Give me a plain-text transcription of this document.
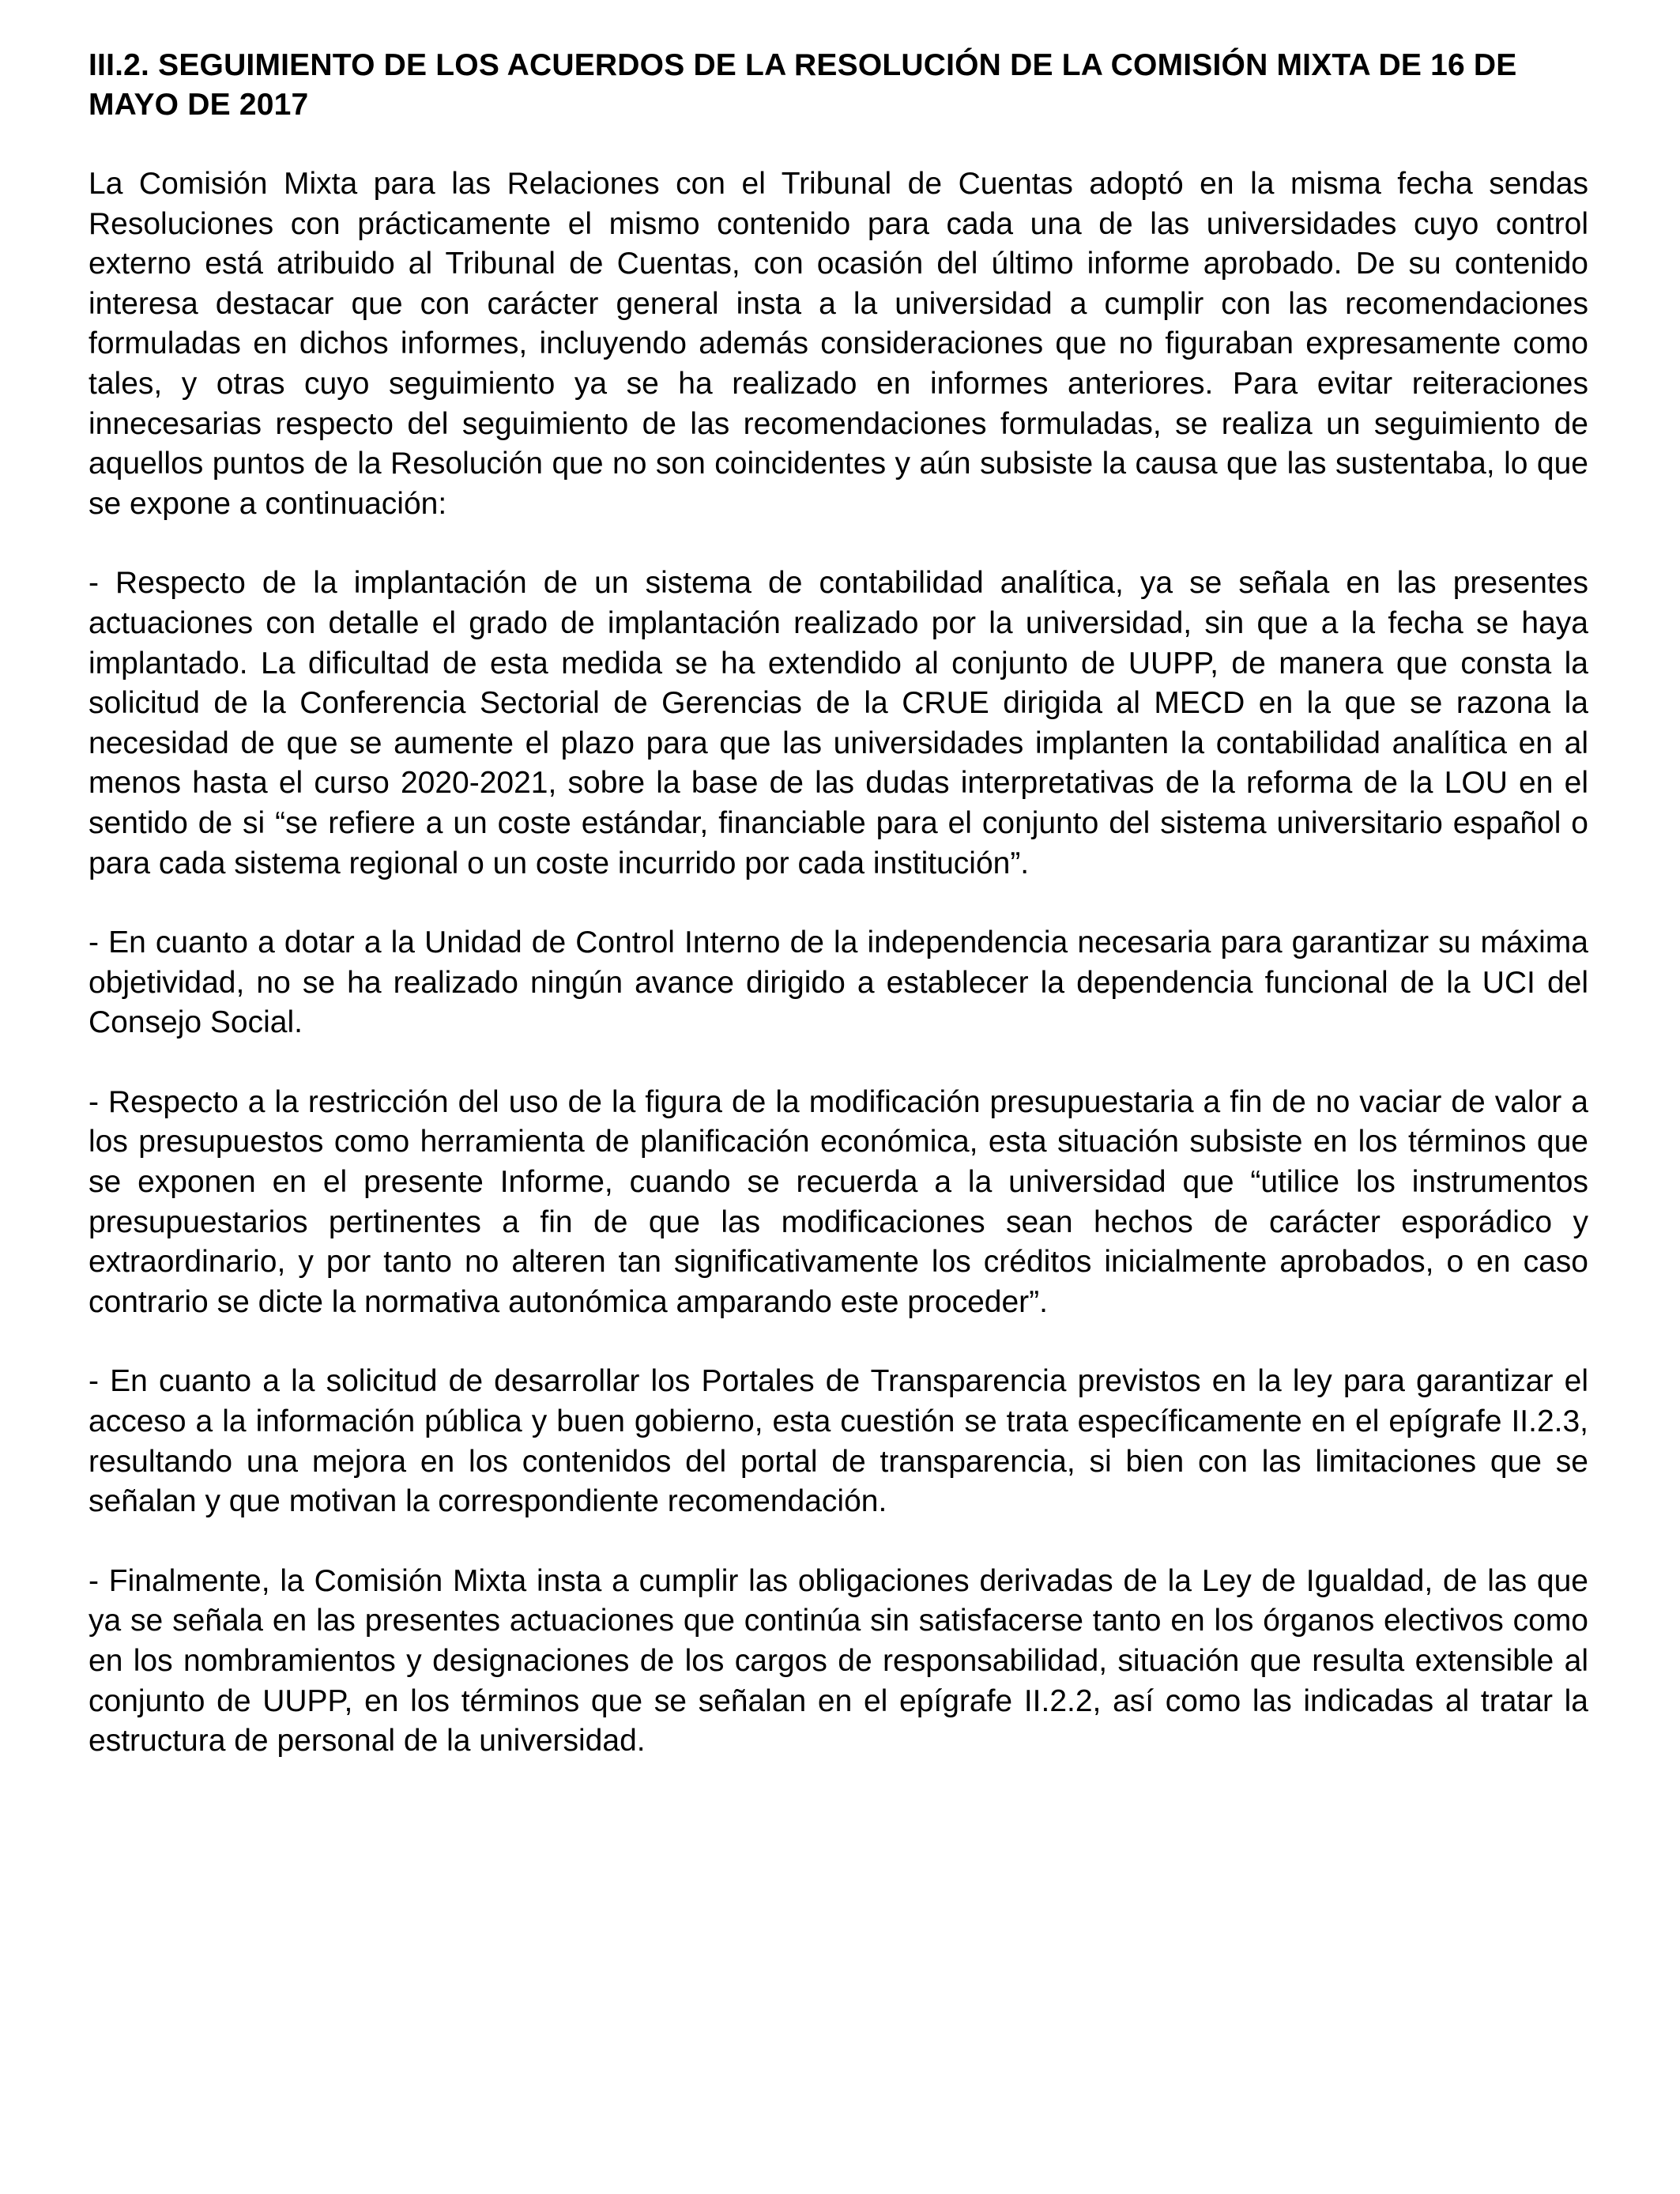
III.2. SEGUIMIENTO DE LOS ACUERDOS DE LA RESOLUCIÓN DE LA COMISIÓN MIXTA DE 16 DE MAYO DE 2017

La Comisión Mixta para las Relaciones con el Tribunal de Cuentas adoptó en la misma fecha sendas Resoluciones con prácticamente el mismo contenido para cada una de las universidades cuyo control externo está atribuido al Tribunal de Cuentas, con ocasión del último informe aprobado. De su contenido interesa destacar que con carácter general insta a la universidad a cumplir con las recomendaciones formuladas en dichos informes, incluyendo además consideraciones que no figuraban expresamente como tales, y otras cuyo seguimiento ya se ha realizado en informes anteriores. Para evitar reiteraciones innecesarias respecto del seguimiento de las recomendaciones formuladas, se realiza un seguimiento de aquellos puntos de la Resolución que no son coincidentes y aún subsiste la causa que las sustentaba, lo que se expone a continuación:

- Respecto de la implantación de un sistema de contabilidad analítica, ya se señala en las presentes actuaciones con detalle el grado de implantación realizado por la universidad, sin que a la fecha se haya implantado. La dificultad de esta medida se ha extendido al conjunto de UUPP, de manera que consta la solicitud de la Conferencia Sectorial de Gerencias de la CRUE dirigida al MECD en la que se razona la necesidad de que se aumente el plazo para que las universidades implanten la contabilidad analítica en al menos hasta el curso 2020-2021, sobre la base de las dudas interpretativas de la reforma de la LOU en el sentido de si “se refiere a un coste estándar, financiable para el conjunto del sistema universitario español o para cada sistema regional o un coste incurrido por cada institución”.

- En cuanto a dotar a la Unidad de Control Interno de la independencia necesaria para garantizar su máxima objetividad, no se ha realizado ningún avance dirigido a establecer la dependencia funcional de la UCI del Consejo Social.

- Respecto a la restricción del uso de la figura de la modificación presupuestaria a fin de no vaciar de valor a los presupuestos como herramienta de planificación económica, esta situación subsiste en los términos que se exponen en el presente Informe, cuando se recuerda a la universidad que “utilice los instrumentos presupuestarios pertinentes a fin de que las modificaciones sean hechos de carácter esporádico y extraordinario, y por tanto no alteren tan significativamente los créditos inicialmente aprobados, o en caso contrario se dicte la normativa autonómica amparando este proceder”.

- En cuanto a la solicitud de desarrollar los Portales de Transparencia previstos en la ley para garantizar el acceso a la información pública y buen gobierno, esta cuestión se trata específicamente en el epígrafe II.2.3, resultando una mejora en los contenidos del portal de transparencia, si bien con las limitaciones que se señalan y que motivan la correspondiente recomendación.

- Finalmente, la Comisión Mixta insta a cumplir las obligaciones derivadas de la Ley de Igualdad, de las que ya se señala en las presentes actuaciones que continúa sin satisfacerse tanto en los órganos electivos como en los nombramientos y designaciones de los cargos de responsabilidad, situación que resulta extensible al conjunto de UUPP, en los términos que se señalan en el epígrafe II.2.2, así como las indicadas al tratar la estructura de personal de la universidad.
